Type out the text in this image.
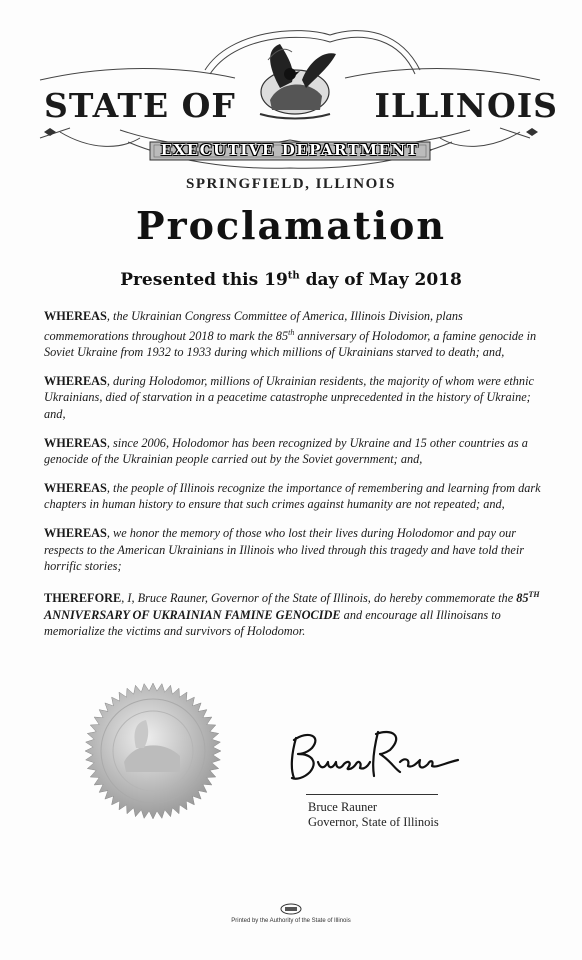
STATE OF	ILLINOIS
EXECUTIVE DEPARTMENT
SPRINGFIELD, ILLINOIS
Proclamation
Presented this 19th day of May 2018

WHEREAS, the Ukrainian Congress Committee of America, Illinois Division, plans commemorations throughout 2018 to mark the 85th anniversary of Holodomor, a famine genocide in Soviet Ukraine from 1932 to 1933 during which millions of Ukrainians starved to death; and,

WHEREAS, during Holodomor, millions of Ukrainian residents, the majority of whom were ethnic Ukrainians, died of starvation in a peacetime catastrophe unprecedented in the history of Ukraine; and,

WHEREAS, since 2006, Holodomor has been recognized by Ukraine and 15 other countries as a genocide of the Ukrainian people carried out by the Soviet government; and,

WHEREAS, the people of Illinois recognize the importance of remembering and learning from dark chapters in human history to ensure that such crimes against humanity are not repeated; and,

WHEREAS, we honor the memory of those who lost their lives during Holodomor and pay our respects to the American Ukrainians in Illinois who lived through this tragedy and have told their horrific stories;

THEREFORE, I, Bruce Rauner, Governor of the State of Illinois, do hereby commemorate the 85TH ANNIVERSARY OF UKRAINIAN FAMINE GENOCIDE and encourage all Illinoisans to memorialize the victims and survivors of Holodomor.

Bruce Rauner
Governor, State of Illinois
Printed by the Authority of the State of Illinois
